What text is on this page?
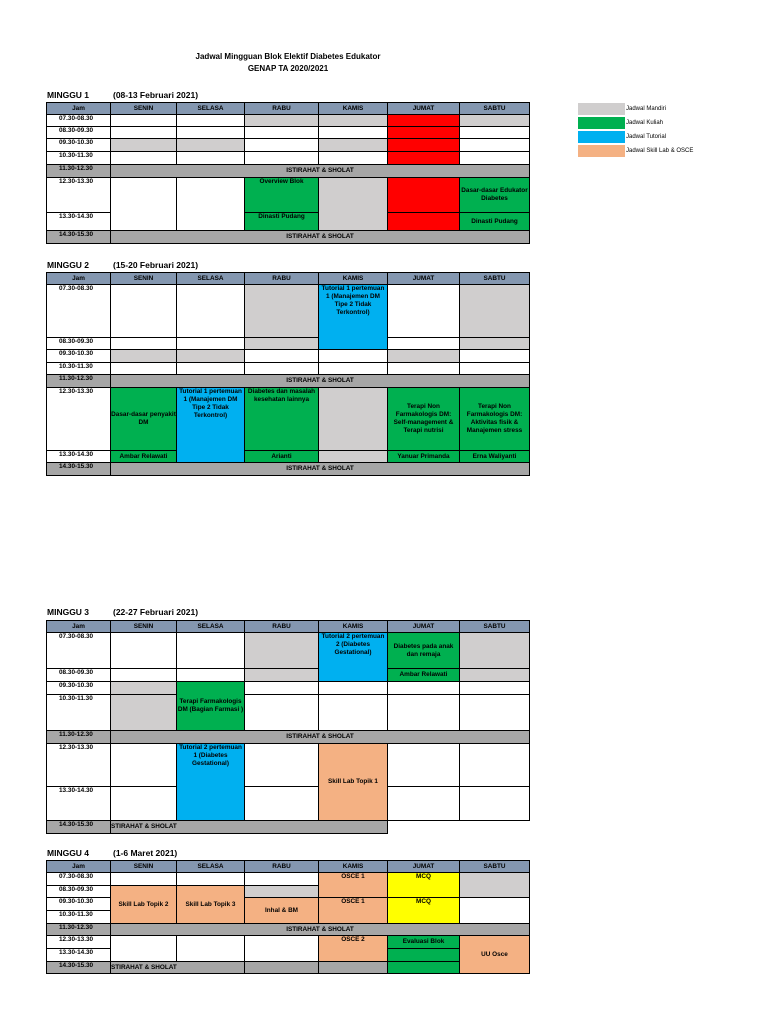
Jadwal Mingguan Blok Elektif Diabetes Edukator
GENAP TA 2020/2021
Jadwal Mandiri
Jadwal Kuliah
Jadwal Tutorial
Jadwal Skill Lab & OSCE
MINGGU 1	(08-13 Februari 2021)
Jam	SENIN	SELASA	RABU	KAMIS	JUMAT	SABTU
07.30-08.30						
08.30-09.30						
09.30-10.30						
10.30-11.30						
11.30-12.30	ISTIRAHAT & SHOLAT					
12.30-13.30			Overview Blok			Dasar-dasar Edukator Diabetes
13.30-14.30			Dinasti Pudang			Dinasti Pudang
14.30-15.30	ISTIRAHAT & SHOLAT					
MINGGU 2	(15-20 Februari 2021)
Jam	SENIN	SELASA	RABU	KAMIS	JUMAT	SABTU
07.30-08.30				Tutorial 1 pertemuan 1 (Manajemen DM Tipe 2 Tidak Terkontrol)		
08.30-09.30						
09.30-10.30						
10.30-11.30						
11.30-12.30	ISTIRAHAT & SHOLAT					
12.30-13.30	Dasar-dasar penyakit DM	Tutorial 1 pertemuan 1 (Manajemen DM Tipe 2 Tidak Terkontrol)	Diabetes dan masalah kesehatan lainnya		Terapi Non Farmakologis DM: Self-management & Terapi nutrisi	Terapi Non Farmakologis DM: Aktivitas fisik & Manajemen stress
13.30-14.30	Ambar Relawati		Arianti		Yanuar Primanda	Erna Waliyanti
14.30-15.30	ISTIRAHAT & SHOLAT					
MINGGU 3	(22-27 Februari 2021)
Jam	SENIN	SELASA	RABU	KAMIS	JUMAT	SABTU
07.30-08.30				Tutorial 2 pertemuan 2 (Diabetes Gestational)	Diabetes pada anak dan remaja	
08.30-09.30					Ambar Relawati	
09.30-10.30		Terapi Farmakologis DM (Bagian Farmasi )				
10.30-11.30						
11.30-12.30	ISTIRAHAT & SHOLAT					
12.30-13.30		Tutorial 2 pertemuan 1 (Diabetes Gestational)		Skill Lab Topik 1		
13.30-14.30						
14.30-15.30	STIRAHAT & SHOLAT					
MINGGU 4	(1-6 Maret 2021)
Jam	SENIN	SELASA	RABU	KAMIS	JUMAT	SABTU
07.30-08.30				OSCE 1	MCQ	
08.30-09.30	Skill Lab Topik 2	Skill Lab Topik 3				
09.30-10.30			Inhal & BM	OSCE 1	MCQ	
10.30-11.30						
11.30-12.30	ISTIRAHAT & SHOLAT					
12.30-13.30				OSCE 2	Evaluasi Blok	UU Osce
13.30-14.30						
14.30-15.30	STIRAHAT & SHOLAT					
